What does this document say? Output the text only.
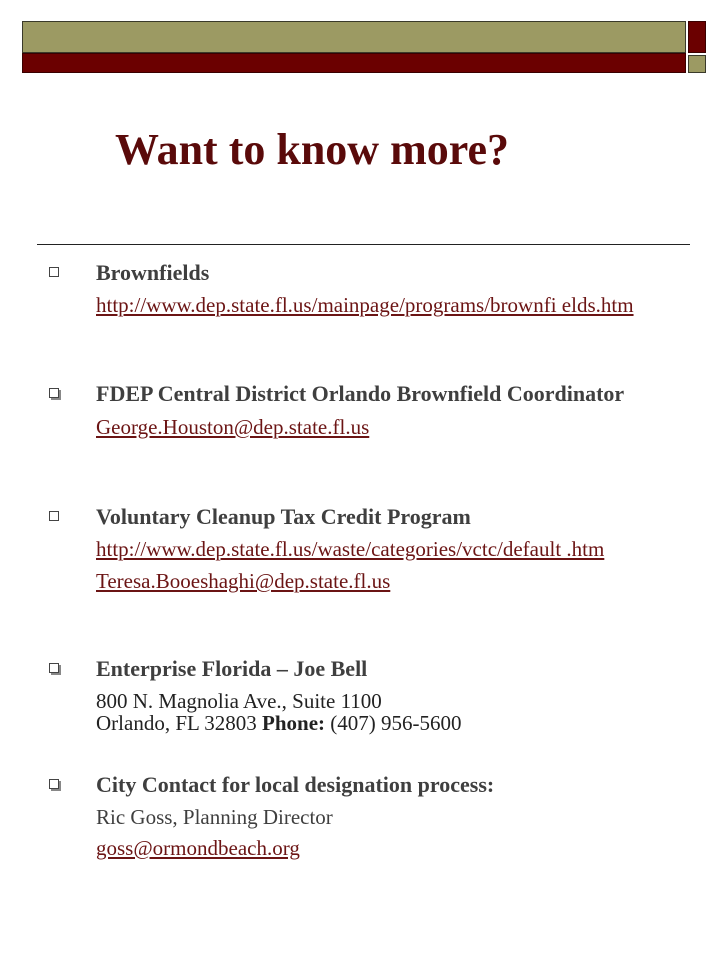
Want to know more?
Brownfields
http://www.dep.state.fl.us/mainpage/programs/brownfi elds.htm
FDEP Central District Orlando Brownfield Coordinator
George.Houston@dep.state.fl.us
Voluntary Cleanup Tax Credit Program
http://www.dep.state.fl.us/waste/categories/vctc/default .htm
Teresa.Booeshaghi@dep.state.fl.us
Enterprise Florida – Joe Bell
800 N. Magnolia Ave., Suite 1100
Orlando, FL 32803 Phone: (407) 956-5600
City Contact for local designation process:
Ric Goss, Planning Director
goss@ormondbeach.org
